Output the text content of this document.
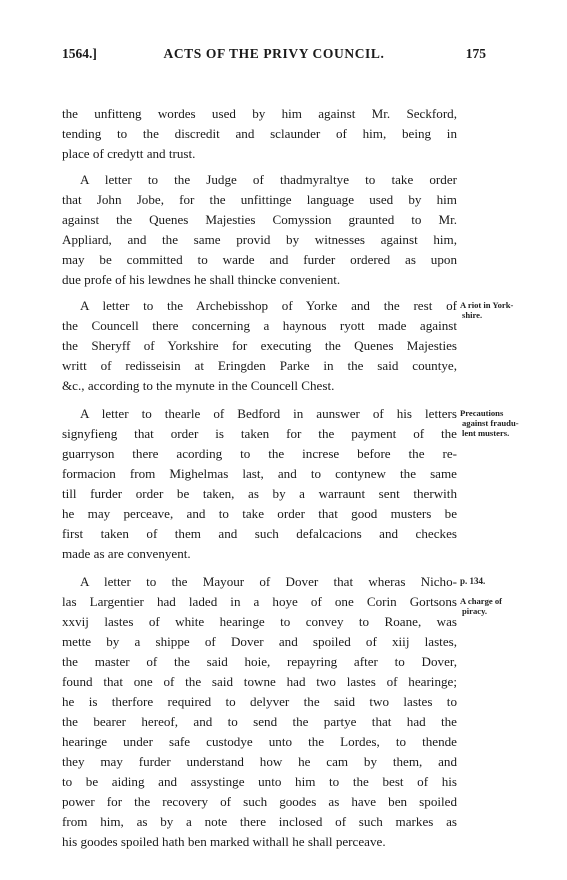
1564.]	ACTS OF THE PRIVY COUNCIL.	175
the unfitteng wordes used by him against Mr. Seckford,
tending to the discredit and sclaunder of him, being in
place of credytt and trust.
A letter to the Judge of thadmyraltye to take order
that John Jobe, for the unfittinge language used by him
against the Quenes Majesties Comyssion graunted to Mr.
Appliard, and the same provid by witnesses against him,
may be committed to warde and furder ordered as upon
due profe of his lewdnes he shall thincke convenient.
A letter to the Archebisshop of Yorke and the rest of
the Councell there concerning a haynous ryott made against
the Sheryff of Yorkshire for executing the Quenes Majesties
writt of redisseisin at Eringden Parke in the said countye,
&c., according to the mynute in the Councell Chest.
A letter to thearle of Bedford in aunswer of his letters
signyfieng that order is taken for the payment of the
guarryson there acording to the increse before the re-
formacion from Mighelmas last, and to contynew the same
till furder order be taken, as by a warraunt sent therwith
he may perceave, and to take order that good musters be
first taken of them and such defalcacions and checkes
made as are convenyent.
A letter to the Mayour of Dover that wheras Nicho-
las Largentier had laded in a hoye of one Corin Gortsons
xxvij lastes of white hearinge to convey to Roane, was
mette by a shippe of Dover and spoiled of xiij lastes,
the master of the said hoie, repayring after to Dover,
found that one of the said towne had two lastes of hearinge;
he is therfore required to delyver the said two lastes to
the bearer hereof, and to send the partye that had the
hearinge under safe custodye unto the Lordes, to thende
they may furder understand how he cam by them, and
to be aiding and assystinge unto him to the best of his
power for the recovery of such goodes as have ben spoiled
from him, as by a note there inclosed of such markes as
his goodes spoiled hath ben marked withall he shall perceave.
A riot in York-
shire.
Precautions
against fraudu-
lent musters.
p. 134.
A charge of
piracy.
